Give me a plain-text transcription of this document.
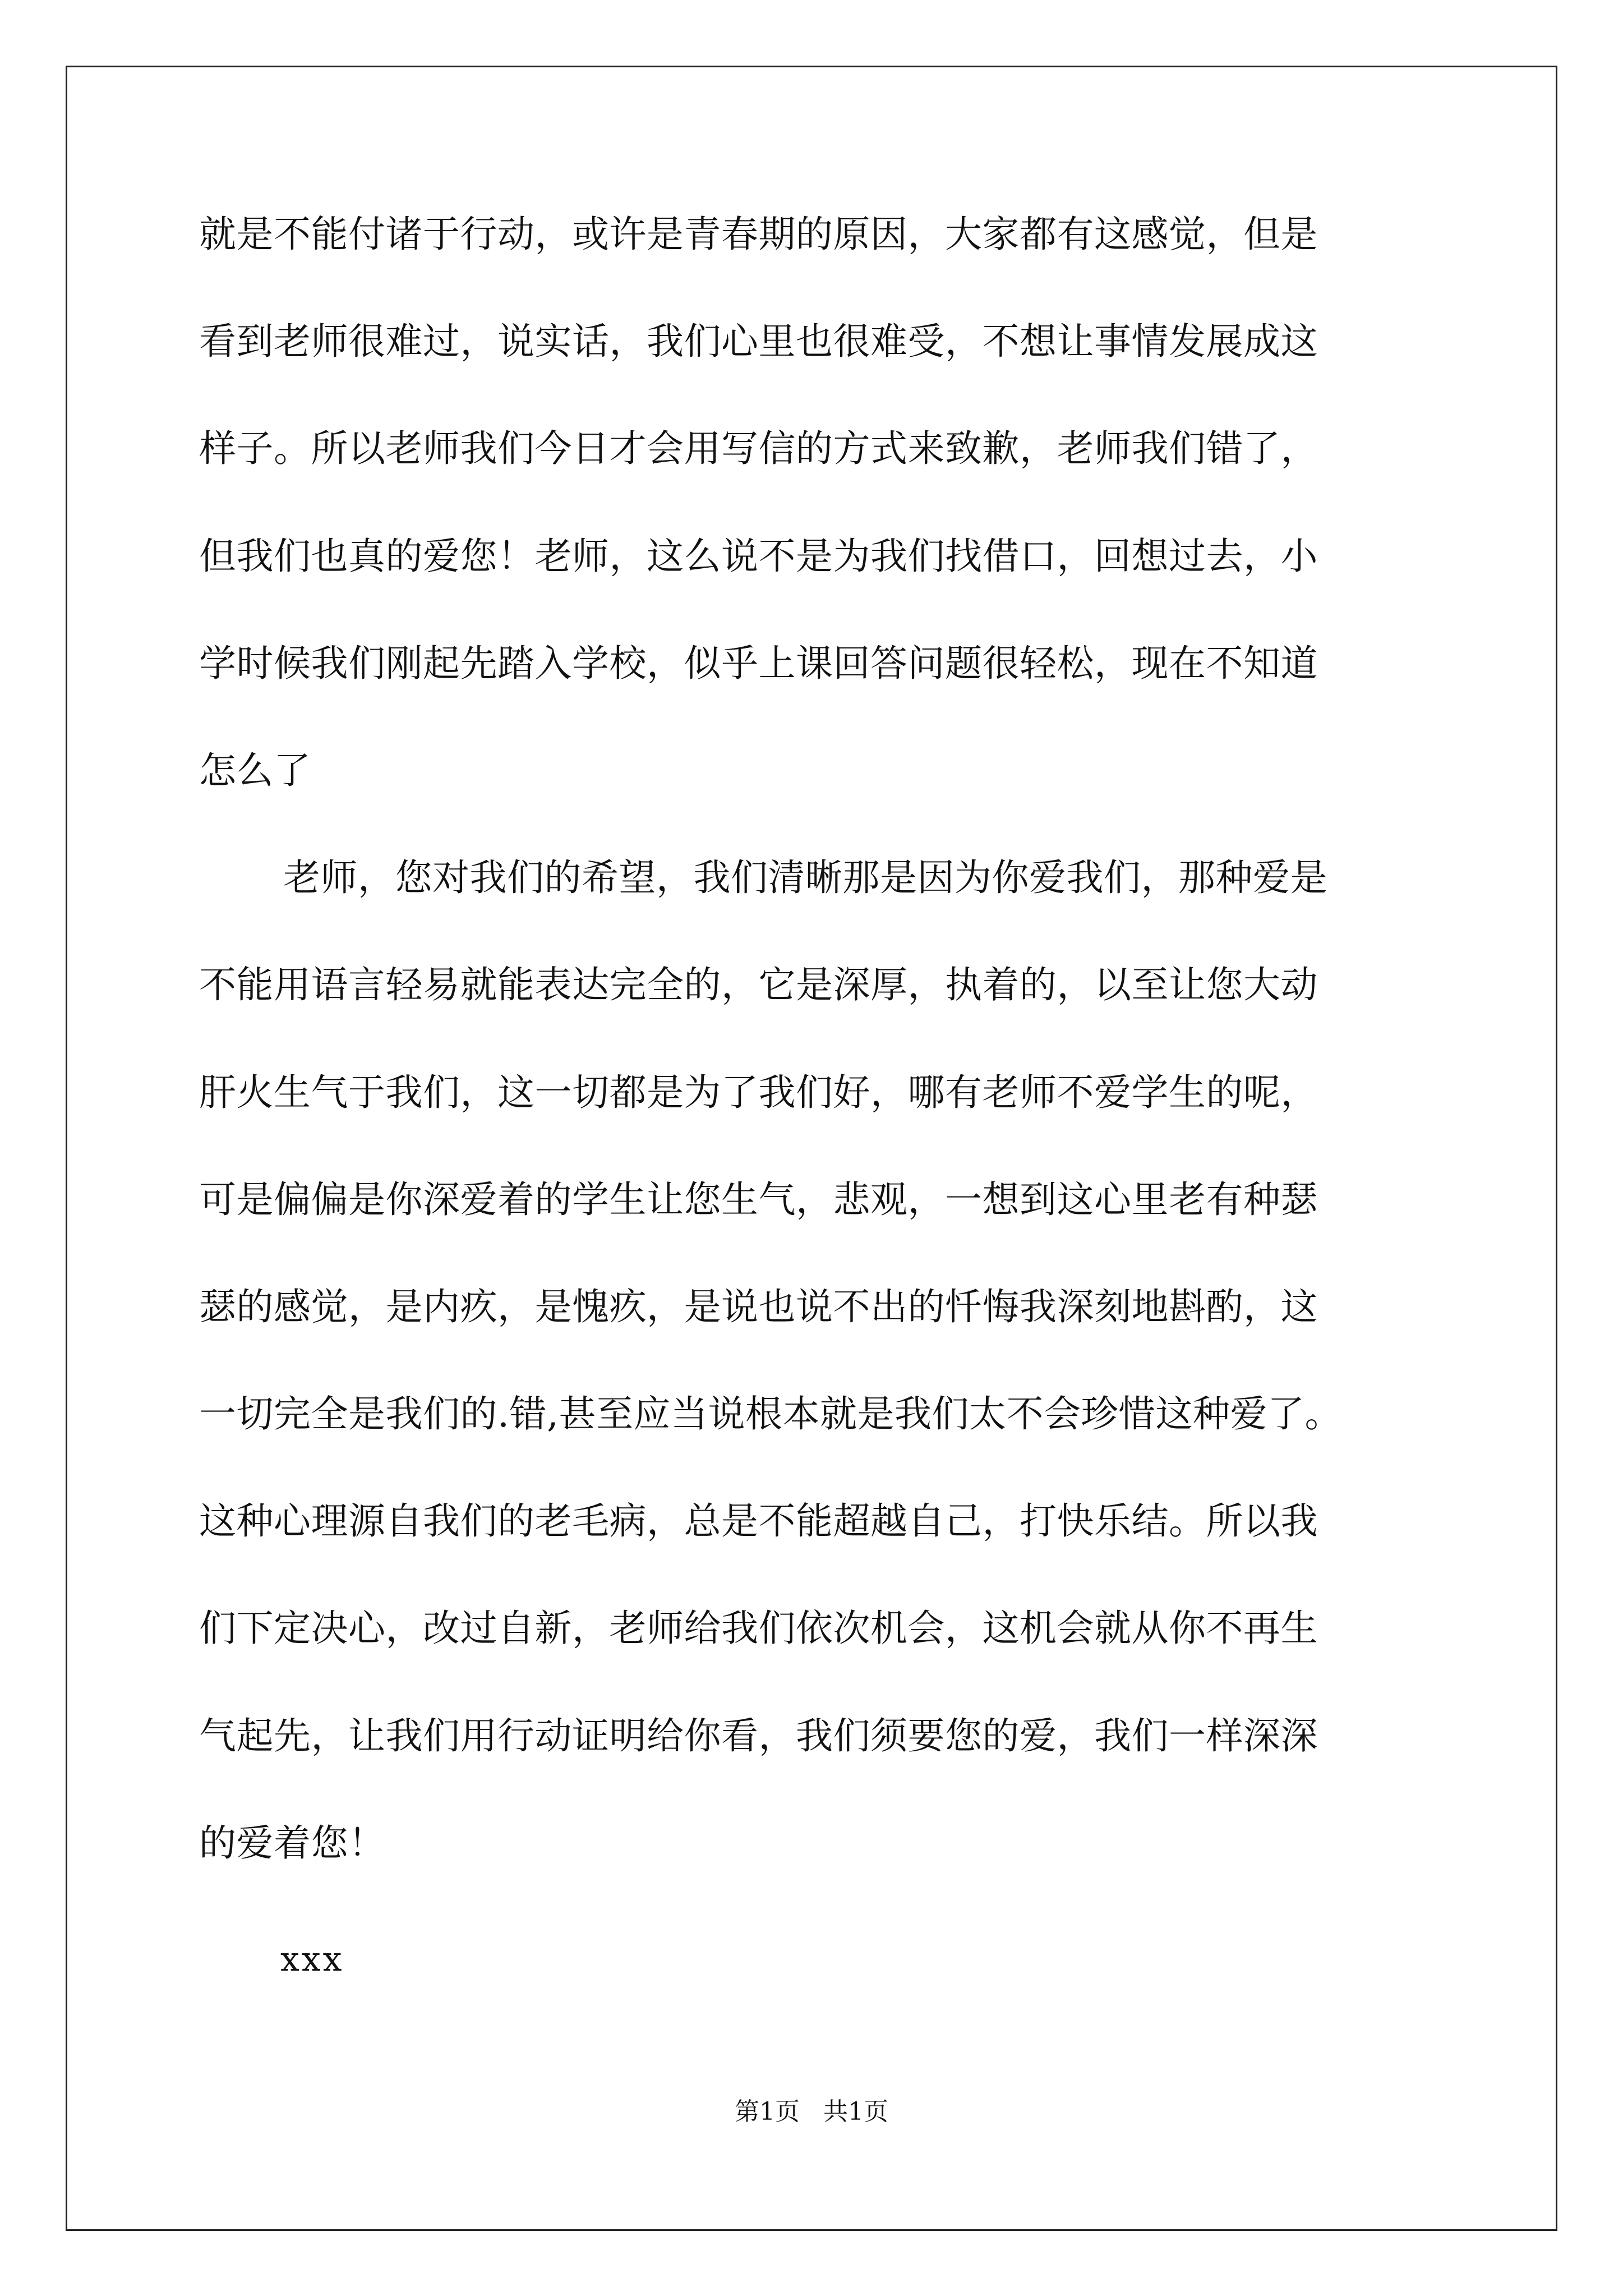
就是不能付诸于行动，或许是青春期的原因，大家都有这感觉，但是
看到老师很难过，说实话，我们心里也很难受，不想让事情发展成这
样子。所以老师我们今日才会用写信的方式来致歉，老师我们错了，
但我们也真的爱您！老师，这么说不是为我们找借口，回想过去，小
学时候我们刚起先踏入学校，似乎上课回答问题很轻松，现在不知道
怎么了
老师，您对我们的希望，我们清晰那是因为你爱我们，那种爱是
不能用语言轻易就能表达完全的，它是深厚，执着的，以至让您大动
肝火生气于我们，这一切都是为了我们好，哪有老师不爱学生的呢，
可是偏偏是你深爱着的学生让您生气，悲观，一想到这心里老有种瑟
瑟的感觉，是内疚，是愧疚，是说也说不出的忏悔我深刻地斟酌，这
一切完全是我们的.错,甚至应当说根本就是我们太不会珍惜这种爱了。
这种心理源自我们的老毛病，总是不能超越自己，打快乐结。所以我
们下定决心，改过自新，老师给我们依次机会，这机会就从你不再生
气起先，让我们用行动证明给你看，我们须要您的爱，我们一样深深
的爱着您！
xxx
第1页   共1页
